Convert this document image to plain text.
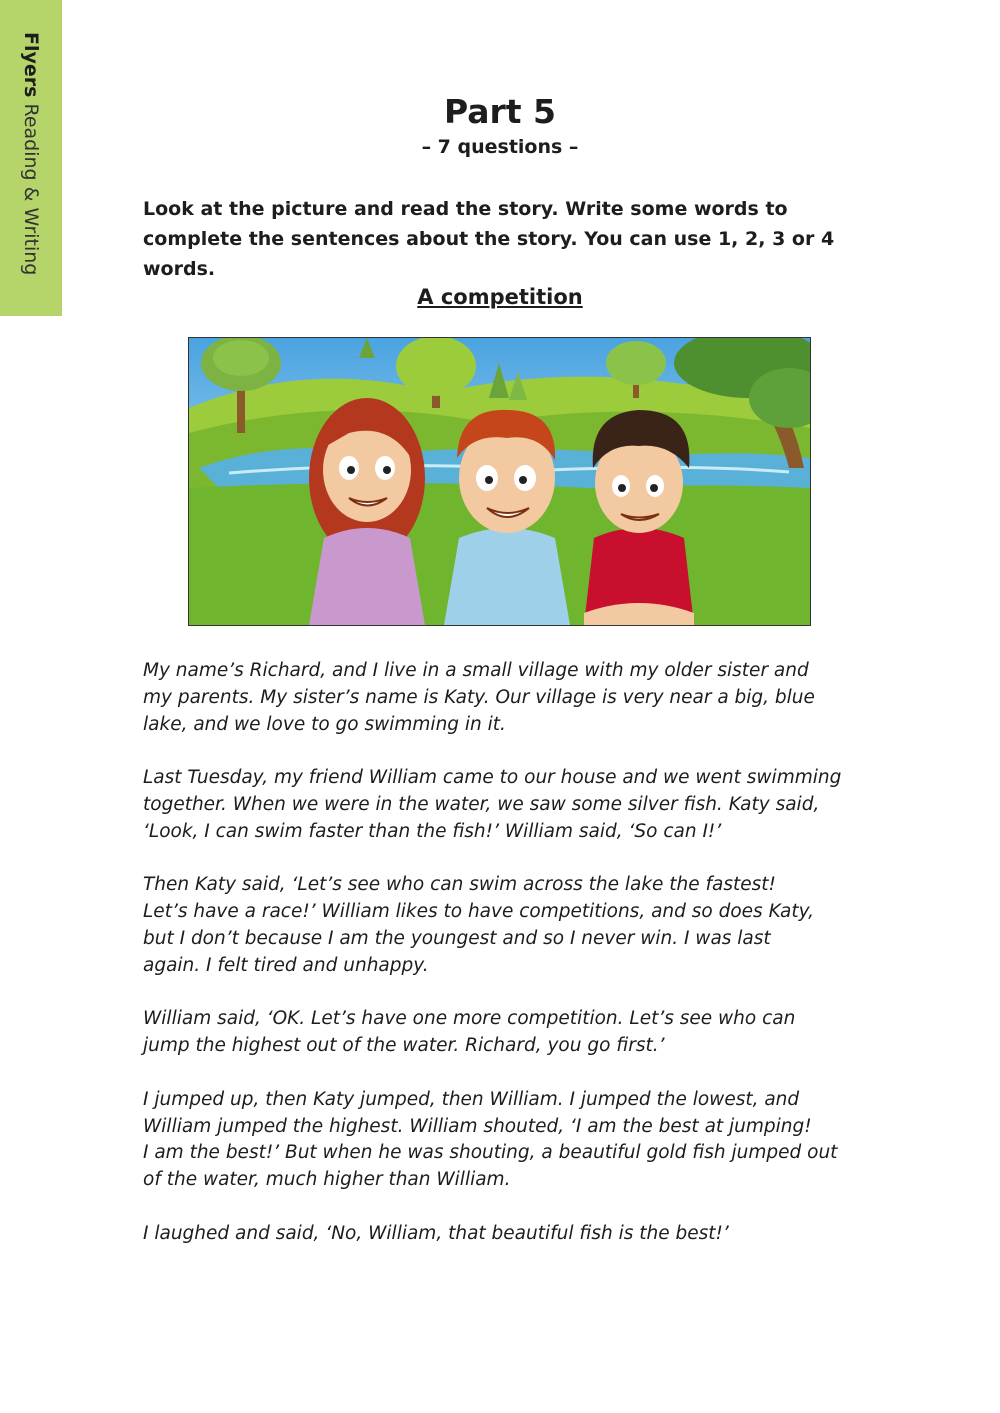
Flyers Reading & Writing	Part 5
– 7 questions –
Look at the picture and read the story. Write some words to complete the sentences about the story. You can use 1, 2, 3 or 4 words.
A competition

My name’s Richard, and I live in a small village with my older sister and
my parents. My sister’s name is Katy. Our village is very near a big, blue
lake, and we love to go swimming in it.

Last Tuesday, my friend William came to our house and we went swimming
together. When we were in the water, we saw some silver fish. Katy said,
‘Look, I can swim faster than the fish!’ William said, ‘So can I!’

Then Katy said, ‘Let’s see who can swim across the lake the fastest!
Let’s have a race!’ William likes to have competitions, and so does Katy,
but I don’t because I am the youngest and so I never win. I was last
again. I felt tired and unhappy.

William said, ‘OK. Let’s have one more competition. Let’s see who can
jump the highest out of the water. Richard, you go first.’

I jumped up, then Katy jumped, then William. I jumped the lowest, and
William jumped the highest. William shouted, ‘I am the best at jumping!
I am the best!’ But when he was shouting, a beautiful gold fish jumped out
of the water, much higher than William.

I laughed and said, ‘No, William, that beautiful fish is the best!’
